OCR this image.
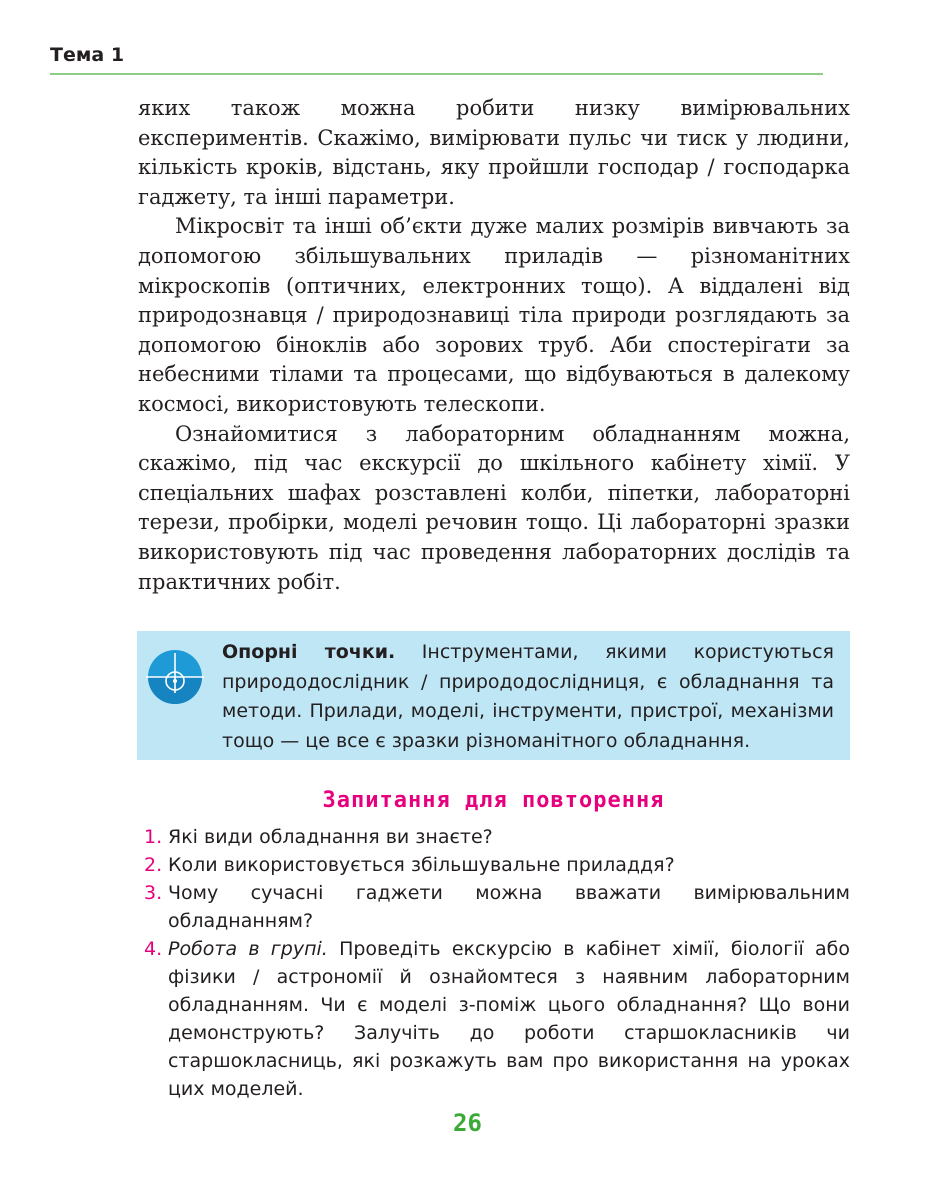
Тема 1

яких також можна робити низку вимірювальних експериментів. Скажімо, вимірювати пульс чи тиск у людини, кількість кроків, відстань, яку пройшли господар / господарка гаджету, та інші параметри.

Мікросвіт та інші об’єкти дуже малих розмірів вивчають за допомогою збільшувальних приладів — різноманітних мікроскопів (оптичних, електронних тощо). А віддалені від природознавця / природознавиці тіла природи розглядають за допомогою біноклів або зорових труб. Аби спостерігати за небесними тілами та процесами, що відбуваються в далекому космосі, використовують телескопи.

Ознайомитися з лабораторним обладнанням можна, скажімо, під час екскурсії до шкільного кабінету хімії. У спеціальних шафах розставлені колби, піпетки, лабораторні терези, пробірки, моделі речовин тощо. Ці лабораторні зразки використовують під час проведення лабораторних дослідів та практичних робіт.

Опорні точки. Інструментами, якими користуються природодослідник / природодослідниця, є обладнання та методи. Прилади, моделі, інструменти, пристрої, механізми тощо — це все є зразки різноманітного обладнання.
Запитання для повторення
1. Які види обладнання ви знаєте?
2. Коли використовується збільшувальне приладдя?
3. Чому сучасні гаджети можна вважати вимірювальним обладнанням?
4. Робота в групі. Проведіть екскурсію в кабінет хімії, біології або фізики / астрономії й ознайомтеся з наявним лабораторним обладнанням. Чи є моделі з-поміж цього обладнання? Що вони демонструють? Залучіть до роботи старшокласників чи старшокласниць, які розкажуть вам про використання на уроках цих моделей.
26
